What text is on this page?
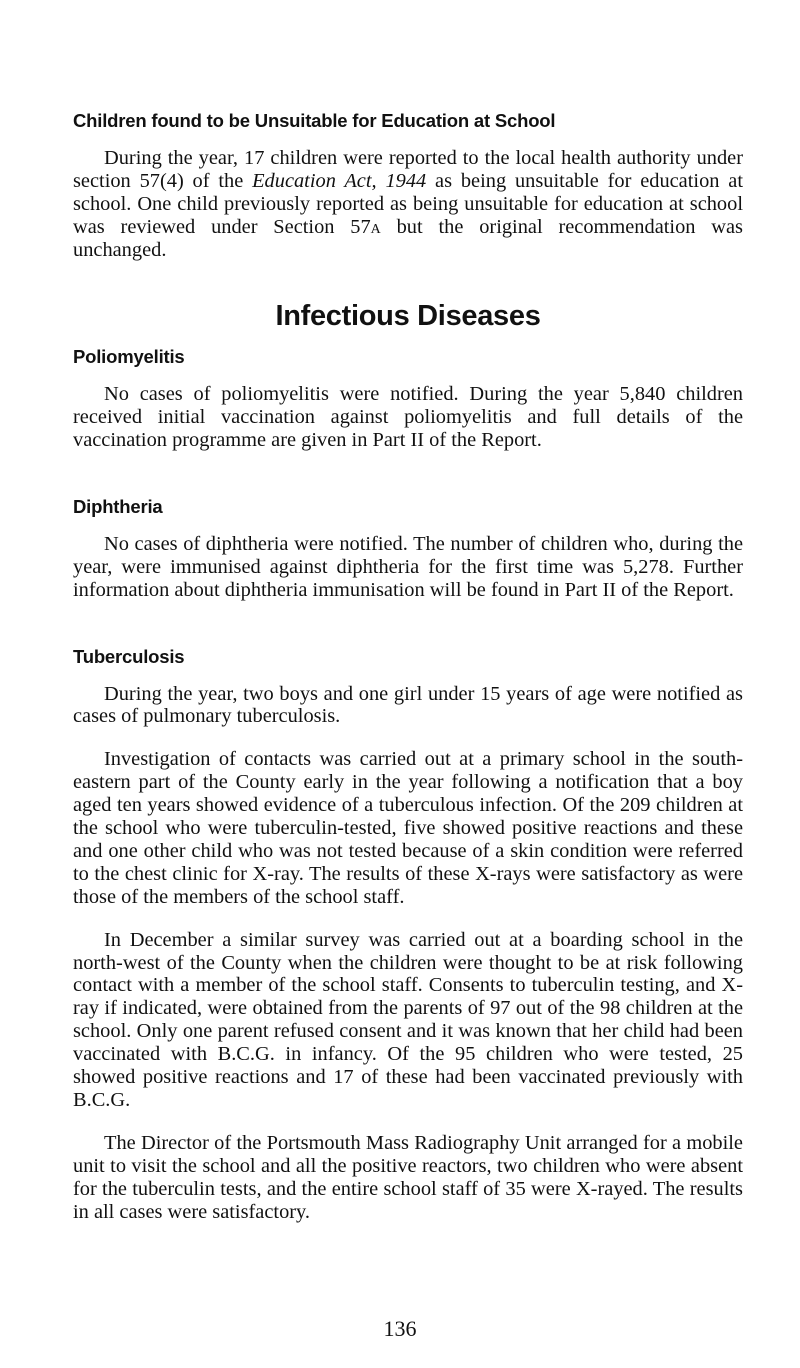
Children found to be Unsuitable for Education at School

During the year, 17 children were reported to the local health authority under section 57(4) of the Education Act, 1944 as being unsuitable for education at school. One child previously reported as being unsuitable for education at school was reviewed under Section 57a but the original recommendation was unchanged.

Infectious Diseases
Poliomyelitis

No cases of poliomyelitis were notified. During the year 5,840 children received initial vaccination against poliomyelitis and full details of the vaccination programme are given in Part II of the Report.

Diphtheria

No cases of diphtheria were notified. The number of children who, during the year, were immunised against diphtheria for the first time was 5,278. Further information about diphtheria immunisation will be found in Part II of the Report.

Tuberculosis

During the year, two boys and one girl under 15 years of age were notified as cases of pulmonary tuberculosis.

Investigation of contacts was carried out at a primary school in the south-eastern part of the County early in the year following a notification that a boy aged ten years showed evidence of a tuberculous infection. Of the 209 children at the school who were tuberculin-tested, five showed positive reactions and these and one other child who was not tested because of a skin condition were referred to the chest clinic for X-ray. The results of these X-rays were satisfactory as were those of the members of the school staff.

In December a similar survey was carried out at a boarding school in the north-west of the County when the children were thought to be at risk following contact with a member of the school staff. Consents to tuberculin testing, and X-ray if indicated, were obtained from the parents of 97 out of the 98 children at the school. Only one parent refused consent and it was known that her child had been vaccinated with B.C.G. in infancy. Of the 95 children who were tested, 25 showed positive reactions and 17 of these had been vaccinated previously with B.C.G.

The Director of the Portsmouth Mass Radiography Unit arranged for a mobile unit to visit the school and all the positive reactors, two children who were absent for the tuberculin tests, and the entire school staff of 35 were X-rayed. The results in all cases were satisfactory.

136
